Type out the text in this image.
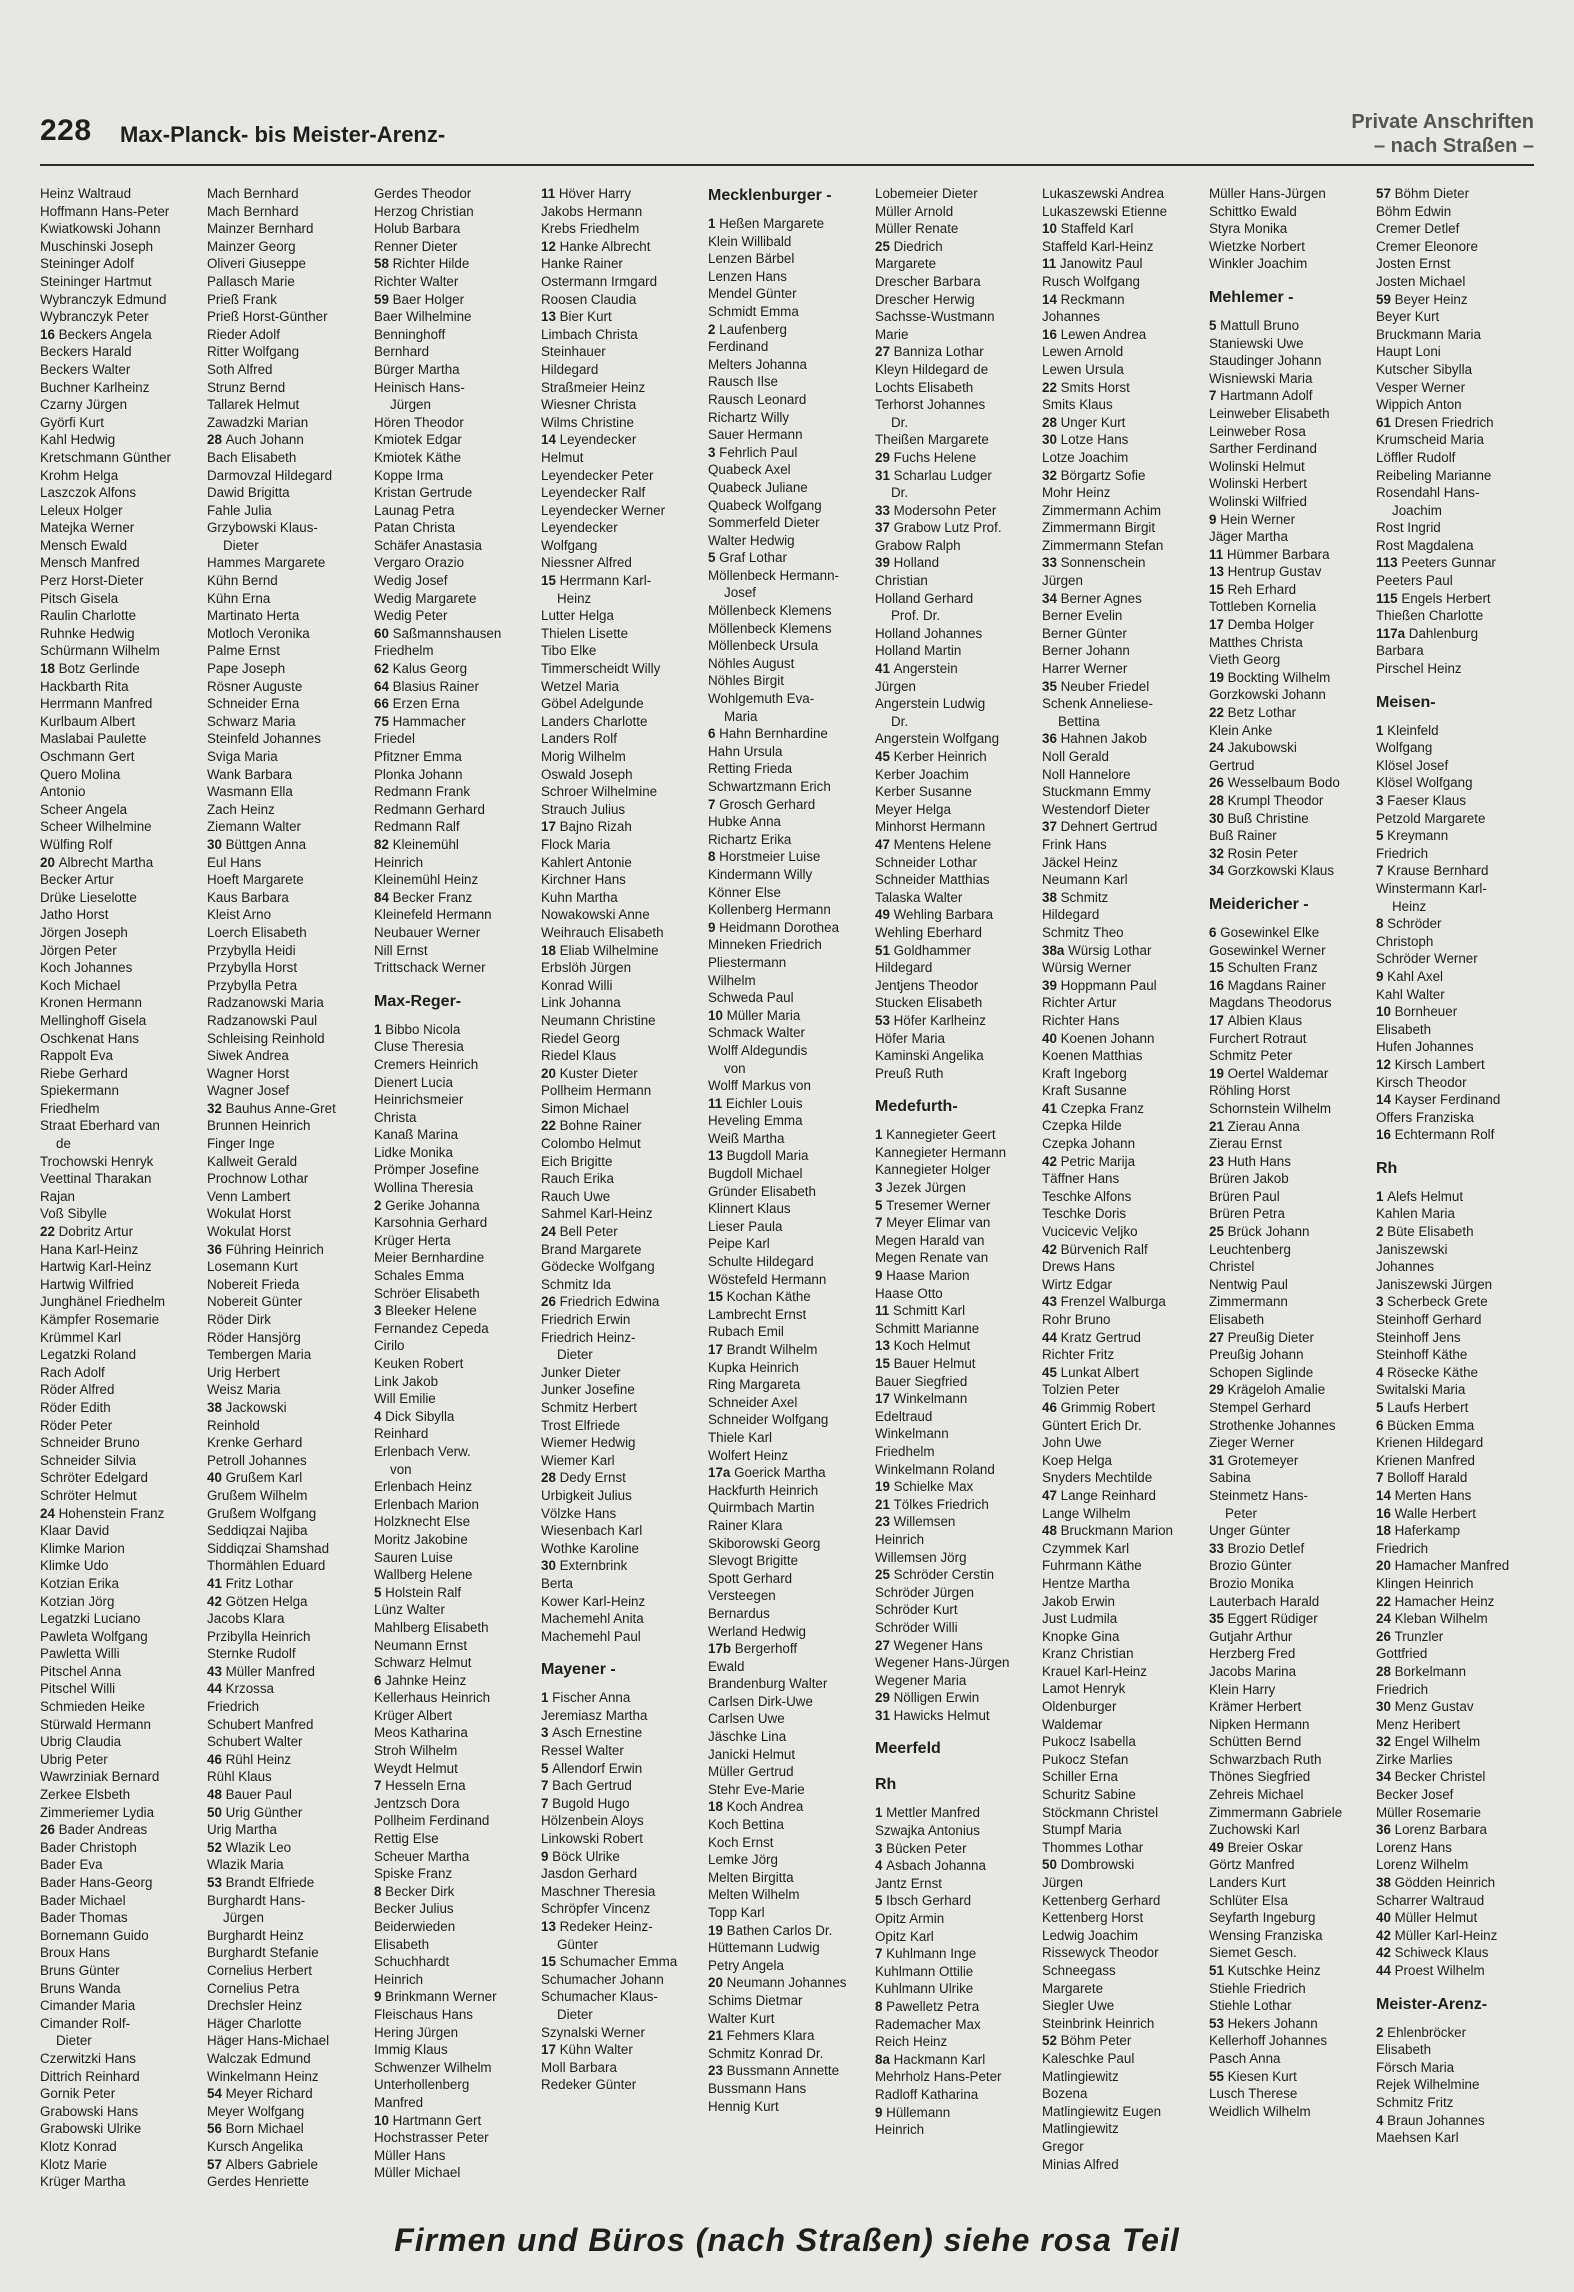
228 Max-Planck- bis Meister-Arenz-	Private Anschriften
– nach Straßen –
Heinz Waltraud
Hoffmann Hans-Peter
Kwiatkowski Johann
Muschinski Joseph
Steininger Adolf
Steininger Hartmut
Wybranczyk Edmund
Wybranczyk Peter
16 Beckers Angela
Beckers Harald
Beckers Walter
Buchner Karlheinz
Czarny Jürgen
Györfi Kurt
Kahl Hedwig
Kretschmann Günther
Krohm Helga
Laszczok Alfons
Leleux Holger
Matejka Werner
Mensch Ewald
Mensch Manfred
Perz Horst-Dieter
Pitsch Gisela
Raulin Charlotte
Ruhnke Hedwig
Schürmann Wilhelm
18 Botz Gerlinde
Hackbarth Rita
Herrmann Manfred
Kurlbaum Albert
Maslabai Paulette
Oschmann Gert
Quero Molina
Antonio
Scheer Angela
Scheer Wilhelmine
Wülfing Rolf
20 Albrecht Martha
Becker Artur
Drüke Lieselotte
Jatho Horst
Jörgen Joseph
Jörgen Peter
Koch Johannes
Koch Michael
Kronen Hermann
Mellinghoff Gisela
Oschkenat Hans
Rappolt Eva
Riebe Gerhard
Spiekermann
Friedhelm
Straat Eberhard van
de
Trochowski Henryk
Veettinal Tharakan
Rajan
Voß Sibylle
22 Dobritz Artur
Hana Karl-Heinz
Hartwig Karl-Heinz
Hartwig Wilfried
Junghänel Friedhelm
Kämpfer Rosemarie
Krümmel Karl
Legatzki Roland
Rach Adolf
Röder Alfred
Röder Edith
Röder Peter
Schneider Bruno
Schneider Silvia
Schröter Edelgard
Schröter Helmut
24 Hohenstein Franz
Klaar David
Klimke Marion
Klimke Udo
Kotzian Erika
Kotzian Jörg
Legatzki Luciano
Pawleta Wolfgang
Pawletta Willi
Pitschel Anna
Pitschel Willi
Schmieden Heike
Stürwald Hermann
Ubrig Claudia
Ubrig Peter
Wawrziniak Bernard
Zerkee Elsbeth
Zimmeriemer Lydia
26 Bader Andreas
Bader Christoph
Bader Eva
Bader Hans-Georg
Bader Michael
Bader Thomas
Bornemann Guido
Broux Hans
Bruns Günter
Bruns Wanda
Cimander Maria
Cimander Rolf-
Dieter
Czerwitzki Hans
Dittrich Reinhard
Gornik Peter
Grabowski Hans
Grabowski Ulrike
Klotz Konrad
Klotz Marie
Krüger Martha
Mach Bernhard
Mach Bernhard
Mainzer Bernhard
Mainzer Georg
Oliveri Giuseppe
Pallasch Marie
Prieß Frank
Prieß Horst-Günther
Rieder Adolf
Ritter Wolfgang
Soth Alfred
Strunz Bernd
Tallarek Helmut
Zawadzki Marian
28 Auch Johann
Bach Elisabeth
Darmovzal Hildegard
Dawid Brigitta
Fahle Julia
Grzybowski Klaus-
Dieter
Hammes Margarete
Kühn Bernd
Kühn Erna
Martinato Herta
Motloch Veronika
Palme Ernst
Pape Joseph
Rösner Auguste
Schneider Erna
Schwarz Maria
Steinfeld Johannes
Sviga Maria
Wank Barbara
Wasmann Ella
Zach Heinz
Ziemann Walter
30 Büttgen Anna
Eul Hans
Hoeft Margarete
Kaus Barbara
Kleist Arno
Loerch Elisabeth
Przybylla Heidi
Przybylla Horst
Przybylla Petra
Radzanowski Maria
Radzanowski Paul
Schleising Reinhold
Siwek Andrea
Wagner Horst
Wagner Josef
32 Bauhus Anne-Gret
Brunnen Heinrich
Finger Inge
Kallweit Gerald
Prochnow Lothar
Venn Lambert
Wokulat Horst
Wokulat Horst
36 Führing Heinrich
Losemann Kurt
Nobereit Frieda
Nobereit Günter
Röder Dirk
Röder Hansjörg
Tembergen Maria
Urig Herbert
Weisz Maria
38 Jackowski
Reinhold
Krenke Gerhard
Petroll Johannes
40 Grußem Karl
Grußem Wilhelm
Grußem Wolfgang
Seddiqzai Najiba
Siddiqzai Shamshad
Thormählen Eduard
41 Fritz Lothar
42 Götzen Helga
Jacobs Klara
Przibylla Heinrich
Sternke Rudolf
43 Müller Manfred
44 Krzossa
Friedrich
Schubert Manfred
Schubert Walter
46 Rühl Heinz
Rühl Klaus
48 Bauer Paul
50 Urig Günther
Urig Martha
52 Wlazik Leo
Wlazik Maria
53 Brandt Elfriede
Burghardt Hans-
Jürgen
Burghardt Heinz
Burghardt Stefanie
Cornelius Herbert
Cornelius Petra
Drechsler Heinz
Häger Charlotte
Häger Hans-Michael
Walczak Edmund
Winkelmann Heinz
54 Meyer Richard
Meyer Wolfgang
56 Born Michael
Kursch Angelika
57 Albers Gabriele
Gerdes Henriette
Gerdes Theodor
Herzog Christian
Holub Barbara
Renner Dieter
58 Richter Hilde
Richter Walter
59 Baer Holger
Baer Wilhelmine
Benninghoff
Bernhard
Bürger Martha
Heinisch Hans-
Jürgen
Hören Theodor
Kmiotek Edgar
Kmiotek Käthe
Koppe Irma
Kristan Gertrude
Launag Petra
Patan Christa
Schäfer Anastasia
Vergaro Orazio
Wedig Josef
Wedig Margarete
Wedig Peter
60 Saßmannshausen
Friedhelm
62 Kalus Georg
64 Blasius Rainer
66 Erzen Erna
75 Hammacher
Friedel
Pfitzner Emma
Plonka Johann
Redmann Frank
Redmann Gerhard
Redmann Ralf
82 Kleinemühl
Heinrich
Kleinemühl Heinz
84 Becker Franz
Kleinefeld Hermann
Neubauer Werner
Nill Ernst
Trittschack Werner
Max-Reger-
1 Bibbo Nicola
Cluse Theresia
Cremers Heinrich
Dienert Lucia
Heinrichsmeier
Christa
Kanaß Marina
Lidke Monika
Prömper Josefine
Wollina Theresia
2 Gerike Johanna
Karsohnia Gerhard
Krüger Herta
Meier Bernhardine
Schales Emma
Schröer Elisabeth
3 Bleeker Helene
Fernandez Cepeda
Cirilo
Keuken Robert
Link Jakob
Will Emilie
4 Dick Sibylla
Reinhard
Erlenbach Verw.
von
Erlenbach Heinz
Erlenbach Marion
Holzknecht Else
Moritz Jakobine
Sauren Luise
Wallberg Helene
5 Holstein Ralf
Lünz Walter
Mahlberg Elisabeth
Neumann Ernst
Schwarz Helmut
6 Jahnke Heinz
Kellerhaus Heinrich
Krüger Albert
Meos Katharina
Stroh Wilhelm
Weydt Helmut
7 Hesseln Erna
Jentzsch Dora
Pollheim Ferdinand
Rettig Else
Scheuer Martha
Spiske Franz
8 Becker Dirk
Becker Julius
Beiderwieden
Elisabeth
Schuchhardt
Heinrich
9 Brinkmann Werner
Fleischaus Hans
Hering Jürgen
Immig Klaus
Schwenzer Wilhelm
Unterhollenberg
Manfred
10 Hartmann Gert
Hochstrasser Peter
Müller Hans
Müller Michael
11 Höver Harry
Jakobs Hermann
Krebs Friedhelm
12 Hanke Albrecht
Hanke Rainer
Ostermann Irmgard
Roosen Claudia
13 Bier Kurt
Limbach Christa
Steinhauer
Hildegard
Straßmeier Heinz
Wiesner Christa
Wilms Christine
14 Leyendecker
Helmut
Leyendecker Peter
Leyendecker Ralf
Leyendecker Werner
Leyendecker
Wolfgang
Niessner Alfred
15 Herrmann Karl-
Heinz
Lutter Helga
Thielen Lisette
Tibo Elke
Timmerscheidt Willy
Wetzel Maria
Göbel Adelgunde
Landers Charlotte
Landers Rolf
Morig Wilhelm
Oswald Joseph
Schroer Wilhelmine
Strauch Julius
17 Bajno Rizah
Flock Maria
Kahlert Antonie
Kirchner Hans
Kuhn Martha
Nowakowski Anne
Weihrauch Elisabeth
18 Eliab Wilhelmine
Erbslöh Jürgen
Konrad Willi
Link Johanna
Neumann Christine
Riedel Georg
Riedel Klaus
20 Kuster Dieter
Pollheim Hermann
Simon Michael
22 Bohne Rainer
Colombo Helmut
Eich Brigitte
Rauch Erika
Rauch Uwe
Sahmel Karl-Heinz
24 Bell Peter
Brand Margarete
Gödecke Wolfgang
Schmitz Ida
26 Friedrich Edwina
Friedrich Erwin
Friedrich Heinz-
Dieter
Junker Dieter
Junker Josefine
Schmitz Herbert
Trost Elfriede
Wiemer Hedwig
Wiemer Karl
28 Dedy Ernst
Urbigkeit Julius
Völzke Hans
Wiesenbach Karl
Wothke Karoline
30 Externbrink
Berta
Kower Karl-Heinz
Machemehl Anita
Machemehl Paul
Mayener -
1 Fischer Anna
Jeremiasz Martha
3 Asch Ernestine
Ressel Walter
5 Allendorf Erwin
7 Bach Gertrud
7 Bugold Hugo
Hölzenbein Aloys
Linkowski Robert
9 Böck Ulrike
Jasdon Gerhard
Maschner Theresia
Schröpfer Vincenz
13 Redeker Heinz-
Günter
15 Schumacher Emma
Schumacher Johann
Schumacher Klaus-
Dieter
Szynalski Werner
17 Kühn Walter
Moll Barbara
Redeker Günter
Mecklenburger -
1 Heßen Margarete
Klein Willibald
Lenzen Bärbel
Lenzen Hans
Mendel Günter
Schmidt Emma
2 Laufenberg
Ferdinand
Melters Johanna
Rausch Ilse
Rausch Leonard
Richartz Willy
Sauer Hermann
3 Fehrlich Paul
Quabeck Axel
Quabeck Juliane
Quabeck Wolfgang
Sommerfeld Dieter
Walter Hedwig
5 Graf Lothar
Möllenbeck Hermann-
Josef
Möllenbeck Klemens
Möllenbeck Klemens
Möllenbeck Ursula
Nöhles August
Nöhles Birgit
Wohlgemuth Eva-
Maria
6 Hahn Bernhardine
Hahn Ursula
Retting Frieda
Schwartzmann Erich
7 Grosch Gerhard
Hubke Anna
Richartz Erika
8 Horstmeier Luise
Kindermann Willy
Könner Else
Kollenberg Hermann
9 Heidmann Dorothea
Minneken Friedrich
Pliestermann
Wilhelm
Schweda Paul
10 Müller Maria
Schmack Walter
Wolff Aldegundis
von
Wolff Markus von
11 Eichler Louis
Heveling Emma
Weiß Martha
13 Bugdoll Maria
Bugdoll Michael
Gründer Elisabeth
Klinnert Klaus
Lieser Paula
Peipe Karl
Schulte Hildegard
Wöstefeld Hermann
15 Kochan Käthe
Lambrecht Ernst
Rubach Emil
17 Brandt Wilhelm
Kupka Heinrich
Ring Margareta
Schneider Axel
Schneider Wolfgang
Thiele Karl
Wolfert Heinz
17a Goerick Martha
Hackfurth Heinrich
Quirmbach Martin
Rainer Klara
Skiborowski Georg
Slevogt Brigitte
Spott Gerhard
Versteegen
Bernardus
Werland Hedwig
17b Bergerhoff
Ewald
Brandenburg Walter
Carlsen Dirk-Uwe
Carlsen Uwe
Jäschke Lina
Janicki Helmut
Müller Gertrud
Stehr Eve-Marie
18 Koch Andrea
Koch Bettina
Koch Ernst
Lemke Jörg
Melten Birgitta
Melten Wilhelm
Topp Karl
19 Bathen Carlos Dr.
Hüttemann Ludwig
Petry Angela
20 Neumann Johannes
Schims Dietmar
Walter Kurt
21 Fehmers Klara
Schmitz Konrad Dr.
23 Bussmann Annette
Bussmann Hans
Hennig Kurt
Lobemeier Dieter
Müller Arnold
Müller Renate
25 Diedrich
Margarete
Drescher Barbara
Drescher Herwig
Sachsse-Wustmann
Marie
27 Banniza Lothar
Kleyn Hildegard de
Lochts Elisabeth
Terhorst Johannes
Dr.
Theißen Margarete
29 Fuchs Helene
31 Scharlau Ludger
Dr.
33 Modersohn Peter
37 Grabow Lutz Prof.
Grabow Ralph
39 Holland
Christian
Holland Gerhard
Prof. Dr.
Holland Johannes
Holland Martin
41 Angerstein
Jürgen
Angerstein Ludwig
Dr.
Angerstein Wolfgang
45 Kerber Heinrich
Kerber Joachim
Kerber Susanne
Meyer Helga
Minhorst Hermann
47 Mentens Helene
Schneider Lothar
Schneider Matthias
Talaska Walter
49 Wehling Barbara
Wehling Eberhard
51 Goldhammer
Hildegard
Jentjens Theodor
Stucken Elisabeth
53 Höfer Karlheinz
Höfer Maria
Kaminski Angelika
Preuß Ruth
Medefurth-
1 Kannegieter Geert
Kannegieter Hermann
Kannegieter Holger
3 Jezek Jürgen
5 Tresemer Werner
7 Meyer Elimar van
Megen Harald van
Megen Renate van
9 Haase Marion
Haase Otto
11 Schmitt Karl
Schmitt Marianne
13 Koch Helmut
15 Bauer Helmut
Bauer Siegfried
17 Winkelmann
Edeltraud
Winkelmann
Friedhelm
Winkelmann Roland
19 Schielke Max
21 Tölkes Friedrich
23 Willemsen
Heinrich
Willemsen Jörg
25 Schröder Cerstin
Schröder Jürgen
Schröder Kurt
Schröder Willi
27 Wegener Hans
Wegener Hans-Jürgen
Wegener Maria
29 Nölligen Erwin
31 Hawicks Helmut
Meerfeld
Rh
1 Mettler Manfred
Szwajka Antonius
3 Bücken Peter
4 Asbach Johanna
Jantz Ernst
5 Ibsch Gerhard
Opitz Armin
Opitz Karl
7 Kuhlmann Inge
Kuhlmann Ottilie
Kuhlmann Ulrike
8 Pawelletz Petra
Rademacher Max
Reich Heinz
8a Hackmann Karl
Mehrholz Hans-Peter
Radloff Katharina
9 Hüllemann
Heinrich
Lukaszewski Andrea
Lukaszewski Etienne
10 Staffeld Karl
Staffeld Karl-Heinz
11 Janowitz Paul
Rusch Wolfgang
14 Reckmann
Johannes
16 Lewen Andrea
Lewen Arnold
Lewen Ursula
22 Smits Horst
Smits Klaus
28 Unger Kurt
30 Lotze Hans
Lotze Joachim
32 Börgartz Sofie
Mohr Heinz
Zimmermann Achim
Zimmermann Birgit
Zimmermann Stefan
33 Sonnenschein
Jürgen
34 Berner Agnes
Berner Evelin
Berner Günter
Berner Johann
Harrer Werner
35 Neuber Friedel
Schenk Anneliese-
Bettina
36 Hahnen Jakob
Noll Gerald
Noll Hannelore
Stuckmann Emmy
Westendorf Dieter
37 Dehnert Gertrud
Frink Hans
Jäckel Heinz
Neumann Karl
38 Schmitz
Hildegard
Schmitz Theo
38a Würsig Lothar
Würsig Werner
39 Hoppmann Paul
Richter Artur
Richter Hans
40 Koenen Johann
Koenen Matthias
Kraft Ingeborg
Kraft Susanne
41 Czepka Franz
Czepka Hilde
Czepka Johann
42 Petric Marija
Täffner Hans
Teschke Alfons
Teschke Doris
Vucicevic Veljko
42 Bürvenich Ralf
Drews Hans
Wirtz Edgar
43 Frenzel Walburga
Rohr Bruno
44 Kratz Gertrud
Richter Fritz
45 Lunkat Albert
Tolzien Peter
46 Grimmig Robert
Güntert Erich Dr.
John Uwe
Koep Helga
Snyders Mechtilde
47 Lange Reinhard
Lange Wilhelm
48 Bruckmann Marion
Czymmek Karl
Fuhrmann Käthe
Hentze Martha
Jakob Erwin
Just Ludmila
Knopke Gina
Kranz Christian
Krauel Karl-Heinz
Lamot Henryk
Oldenburger
Waldemar
Pukocz Isabella
Pukocz Stefan
Schiller Erna
Schuritz Sabine
Stöckmann Christel
Stumpf Maria
Thommes Lothar
50 Dombrowski
Jürgen
Kettenberg Gerhard
Kettenberg Horst
Ledwig Joachim
Rissewyck Theodor
Schneegass
Margarete
Siegler Uwe
Steinbrink Heinrich
52 Böhm Peter
Kaleschke Paul
Matlingiewitz
Bozena
Matlingiewitz Eugen
Matlingiewitz
Gregor
Minias Alfred
Müller Hans-Jürgen
Schittko Ewald
Styra Monika
Wietzke Norbert
Winkler Joachim
Mehlemer -
5 Mattull Bruno
Staniewski Uwe
Staudinger Johann
Wisniewski Maria
7 Hartmann Adolf
Leinweber Elisabeth
Leinweber Rosa
Sarther Ferdinand
Wolinski Helmut
Wolinski Herbert
Wolinski Wilfried
9 Hein Werner
Jäger Martha
11 Hümmer Barbara
13 Hentrup Gustav
15 Reh Erhard
Tottleben Kornelia
17 Demba Holger
Matthes Christa
Vieth Georg
19 Bockting Wilhelm
Gorzkowski Johann
22 Betz Lothar
Klein Anke
24 Jakubowski
Gertrud
26 Wesselbaum Bodo
28 Krumpl Theodor
30 Buß Christine
Buß Rainer
32 Rosin Peter
34 Gorzkowski Klaus
Meidericher -
6 Gosewinkel Elke
Gosewinkel Werner
15 Schulten Franz
16 Magdans Rainer
Magdans Theodorus
17 Albien Klaus
Furchert Rotraut
Schmitz Peter
19 Oertel Waldemar
Röhling Horst
Schornstein Wilhelm
21 Zierau Anna
Zierau Ernst
23 Huth Hans
Brüren Jakob
Brüren Paul
Brüren Petra
25 Brück Johann
Leuchtenberg
Christel
Nentwig Paul
Zimmermann
Elisabeth
27 Preußig Dieter
Preußig Johann
Schopen Siglinde
29 Krägeloh Amalie
Stempel Gerhard
Strothenke Johannes
Zieger Werner
31 Grotemeyer
Sabina
Steinmetz Hans-
Peter
Unger Günter
33 Brozio Detlef
Brozio Günter
Brozio Monika
Lauterbach Harald
35 Eggert Rüdiger
Gutjahr Arthur
Herzberg Fred
Jacobs Marina
Klein Harry
Krämer Herbert
Nipken Hermann
Schütten Bernd
Schwarzbach Ruth
Thönes Siegfried
Zehreis Michael
Zimmermann Gabriele
Zuchowski Karl
49 Breier Oskar
Görtz Manfred
Landers Kurt
Schlüter Elsa
Seyfarth Ingeburg
Wensing Franziska
Siemet Gesch.
51 Kutschke Heinz
Stiehle Friedrich
Stiehle Lothar
53 Hekers Johann
Kellerhoff Johannes
Pasch Anna
55 Kiesen Kurt
Lusch Therese
Weidlich Wilhelm
57 Böhm Dieter
Böhm Edwin
Cremer Detlef
Cremer Eleonore
Josten Ernst
Josten Michael
59 Beyer Heinz
Beyer Kurt
Bruckmann Maria
Haupt Loni
Kutscher Sibylla
Vesper Werner
Wippich Anton
61 Dresen Friedrich
Krumscheid Maria
Löffler Rudolf
Reibeling Marianne
Rosendahl Hans-
Joachim
Rost Ingrid
Rost Magdalena
113 Peeters Gunnar
Peeters Paul
115 Engels Herbert
Thießen Charlotte
117a Dahlenburg
Barbara
Pirschel Heinz
Meisen-
1 Kleinfeld
Wolfgang
Klösel Josef
Klösel Wolfgang
3 Faeser Klaus
Petzold Margarete
5 Kreymann
Friedrich
7 Krause Bernhard
Winstermann Karl-
Heinz
8 Schröder
Christoph
Schröder Werner
9 Kahl Axel
Kahl Walter
10 Bornheuer
Elisabeth
Hufen Johannes
12 Kirsch Lambert
Kirsch Theodor
14 Kayser Ferdinand
Offers Franziska
16 Echtermann Rolf
Rh
1 Alefs Helmut
Kahlen Maria
2 Büte Elisabeth
Janiszewski
Johannes
Janiszewski Jürgen
3 Scherbeck Grete
Steinhoff Gerhard
Steinhoff Jens
Steinhoff Käthe
4 Rösecke Käthe
Switalski Maria
5 Laufs Herbert
6 Bücken Emma
Krienen Hildegard
Krienen Manfred
7 Bolloff Harald
14 Merten Hans
16 Walle Herbert
18 Haferkamp
Friedrich
20 Hamacher Manfred
Klingen Heinrich
22 Hamacher Heinz
24 Kleban Wilhelm
26 Trunzler
Gottfried
28 Borkelmann
Friedrich
30 Menz Gustav
Menz Heribert
32 Engel Wilhelm
Zirke Marlies
34 Becker Christel
Becker Josef
Müller Rosemarie
36 Lorenz Barbara
Lorenz Hans
Lorenz Wilhelm
38 Gödden Heinrich
Scharrer Waltraud
40 Müller Helmut
42 Müller Karl-Heinz
42 Schiweck Klaus
44 Proest Wilhelm
Meister-Arenz-
2 Ehlenbröcker
Elisabeth
Försch Maria
Rejek Wilhelmine
Schmitz Fritz
4 Braun Johannes
Maehsen Karl
Firmen und Büros (nach Straßen) siehe rosa Teil
